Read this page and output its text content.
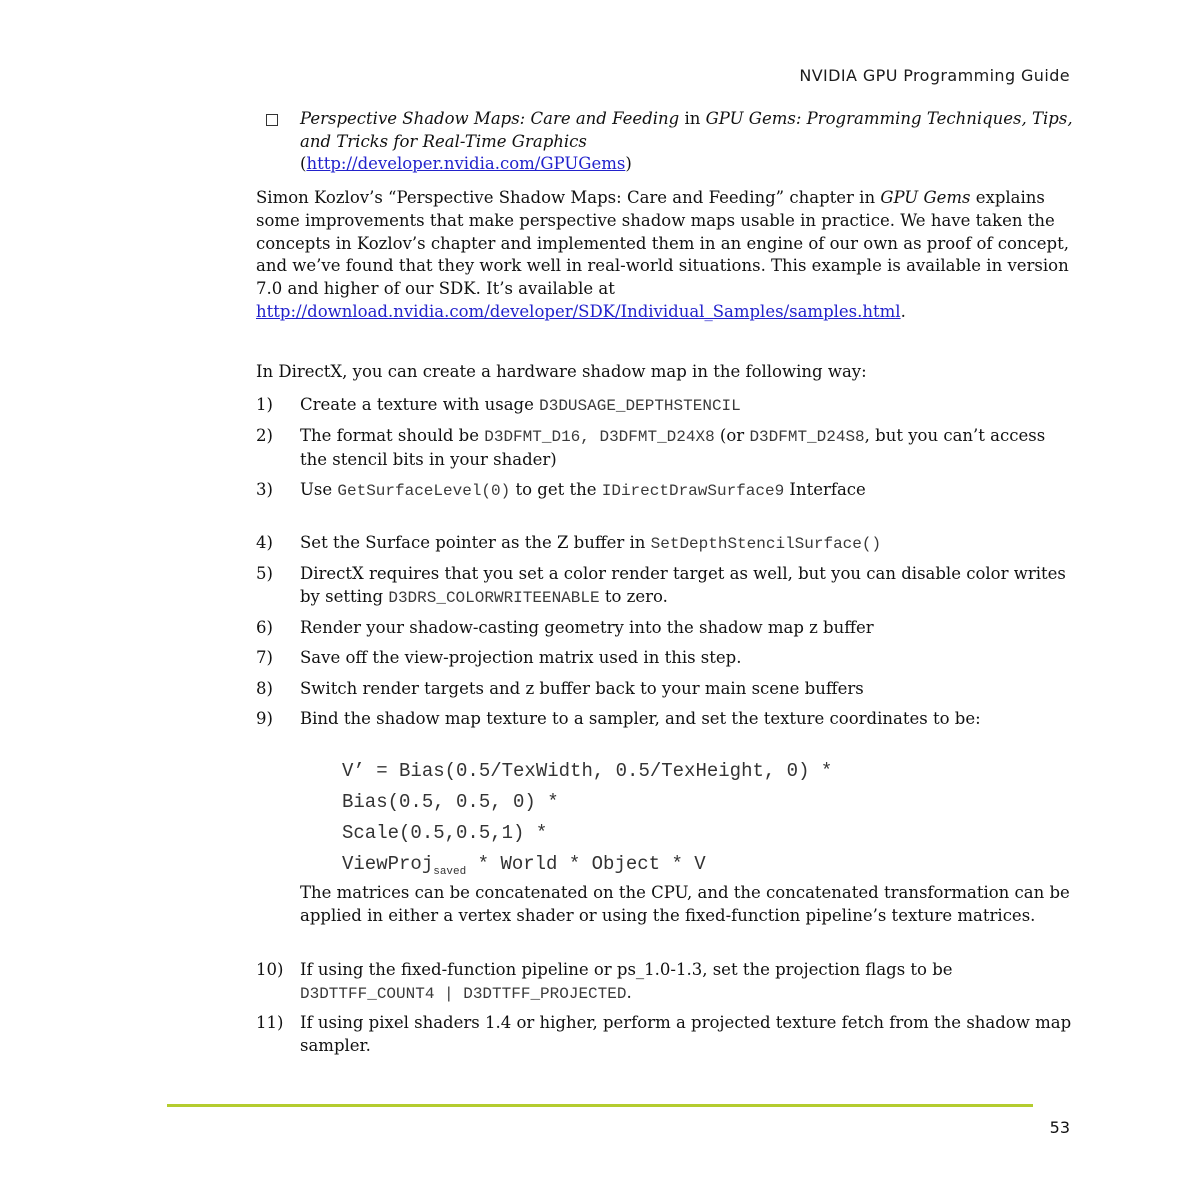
NVIDIA GPU Programming Guide
Perspective Shadow Maps: Care and Feeding in GPU Gems: Programming Techniques, Tips, and Tricks for Real-Time Graphics
(http://developer.nvidia.com/GPUGems)
Simon Kozlov’s “Perspective Shadow Maps: Care and Feeding” chapter in GPU Gems explains some improvements that make perspective shadow maps usable in practice. We have taken the concepts in Kozlov’s chapter and implemented them in an engine of our own as proof of concept, and we’ve found that they work well in real-world situations. This example is available in version 7.0 and higher of our SDK. It’s available at
http://download.nvidia.com/developer/SDK/Individual_Samples/samples.html.
In DirectX, you can create a hardware shadow map in the following way:
1) Create a texture with usage D3DUSAGE_DEPTHSTENCIL
2) The format should be D3DFMT_D16, D3DFMT_D24X8 (or D3DFMT_D24S8, but you can’t access the stencil bits in your shader)
3) Use GetSurfaceLevel(0) to get the IDirectDrawSurface9 Interface
4) Set the Surface pointer as the Z buffer in SetDepthStencilSurface()
5) DirectX requires that you set a color render target as well, but you can disable color writes by setting D3DRS_COLORWRITEENABLE to zero.
6) Render your shadow-casting geometry into the shadow map z buffer
7) Save off the view-projection matrix used in this step.
8) Switch render targets and z buffer back to your main scene buffers
9) Bind the shadow map texture to a sampler, and set the texture coordinates to be:
10) If using the fixed-function pipeline or ps_1.0-1.3, set the projection flags to be D3DTTFF_COUNT4 | D3DTTFF_PROJECTED.
11) If using pixel shaders 1.4 or higher, perform a projected texture fetch from the shadow map sampler.
V’ = Bias(0.5/TexWidth, 0.5/TexHeight, 0) *
Bias(0.5, 0.5, 0) *
Scale(0.5,0.5,1) *
ViewProj$_{saved}$ * World * Object * V
The matrices can be concatenated on the CPU, and the concatenated transformation can be applied in either a vertex shader or using the fixed-function pipeline’s texture matrices.
53
